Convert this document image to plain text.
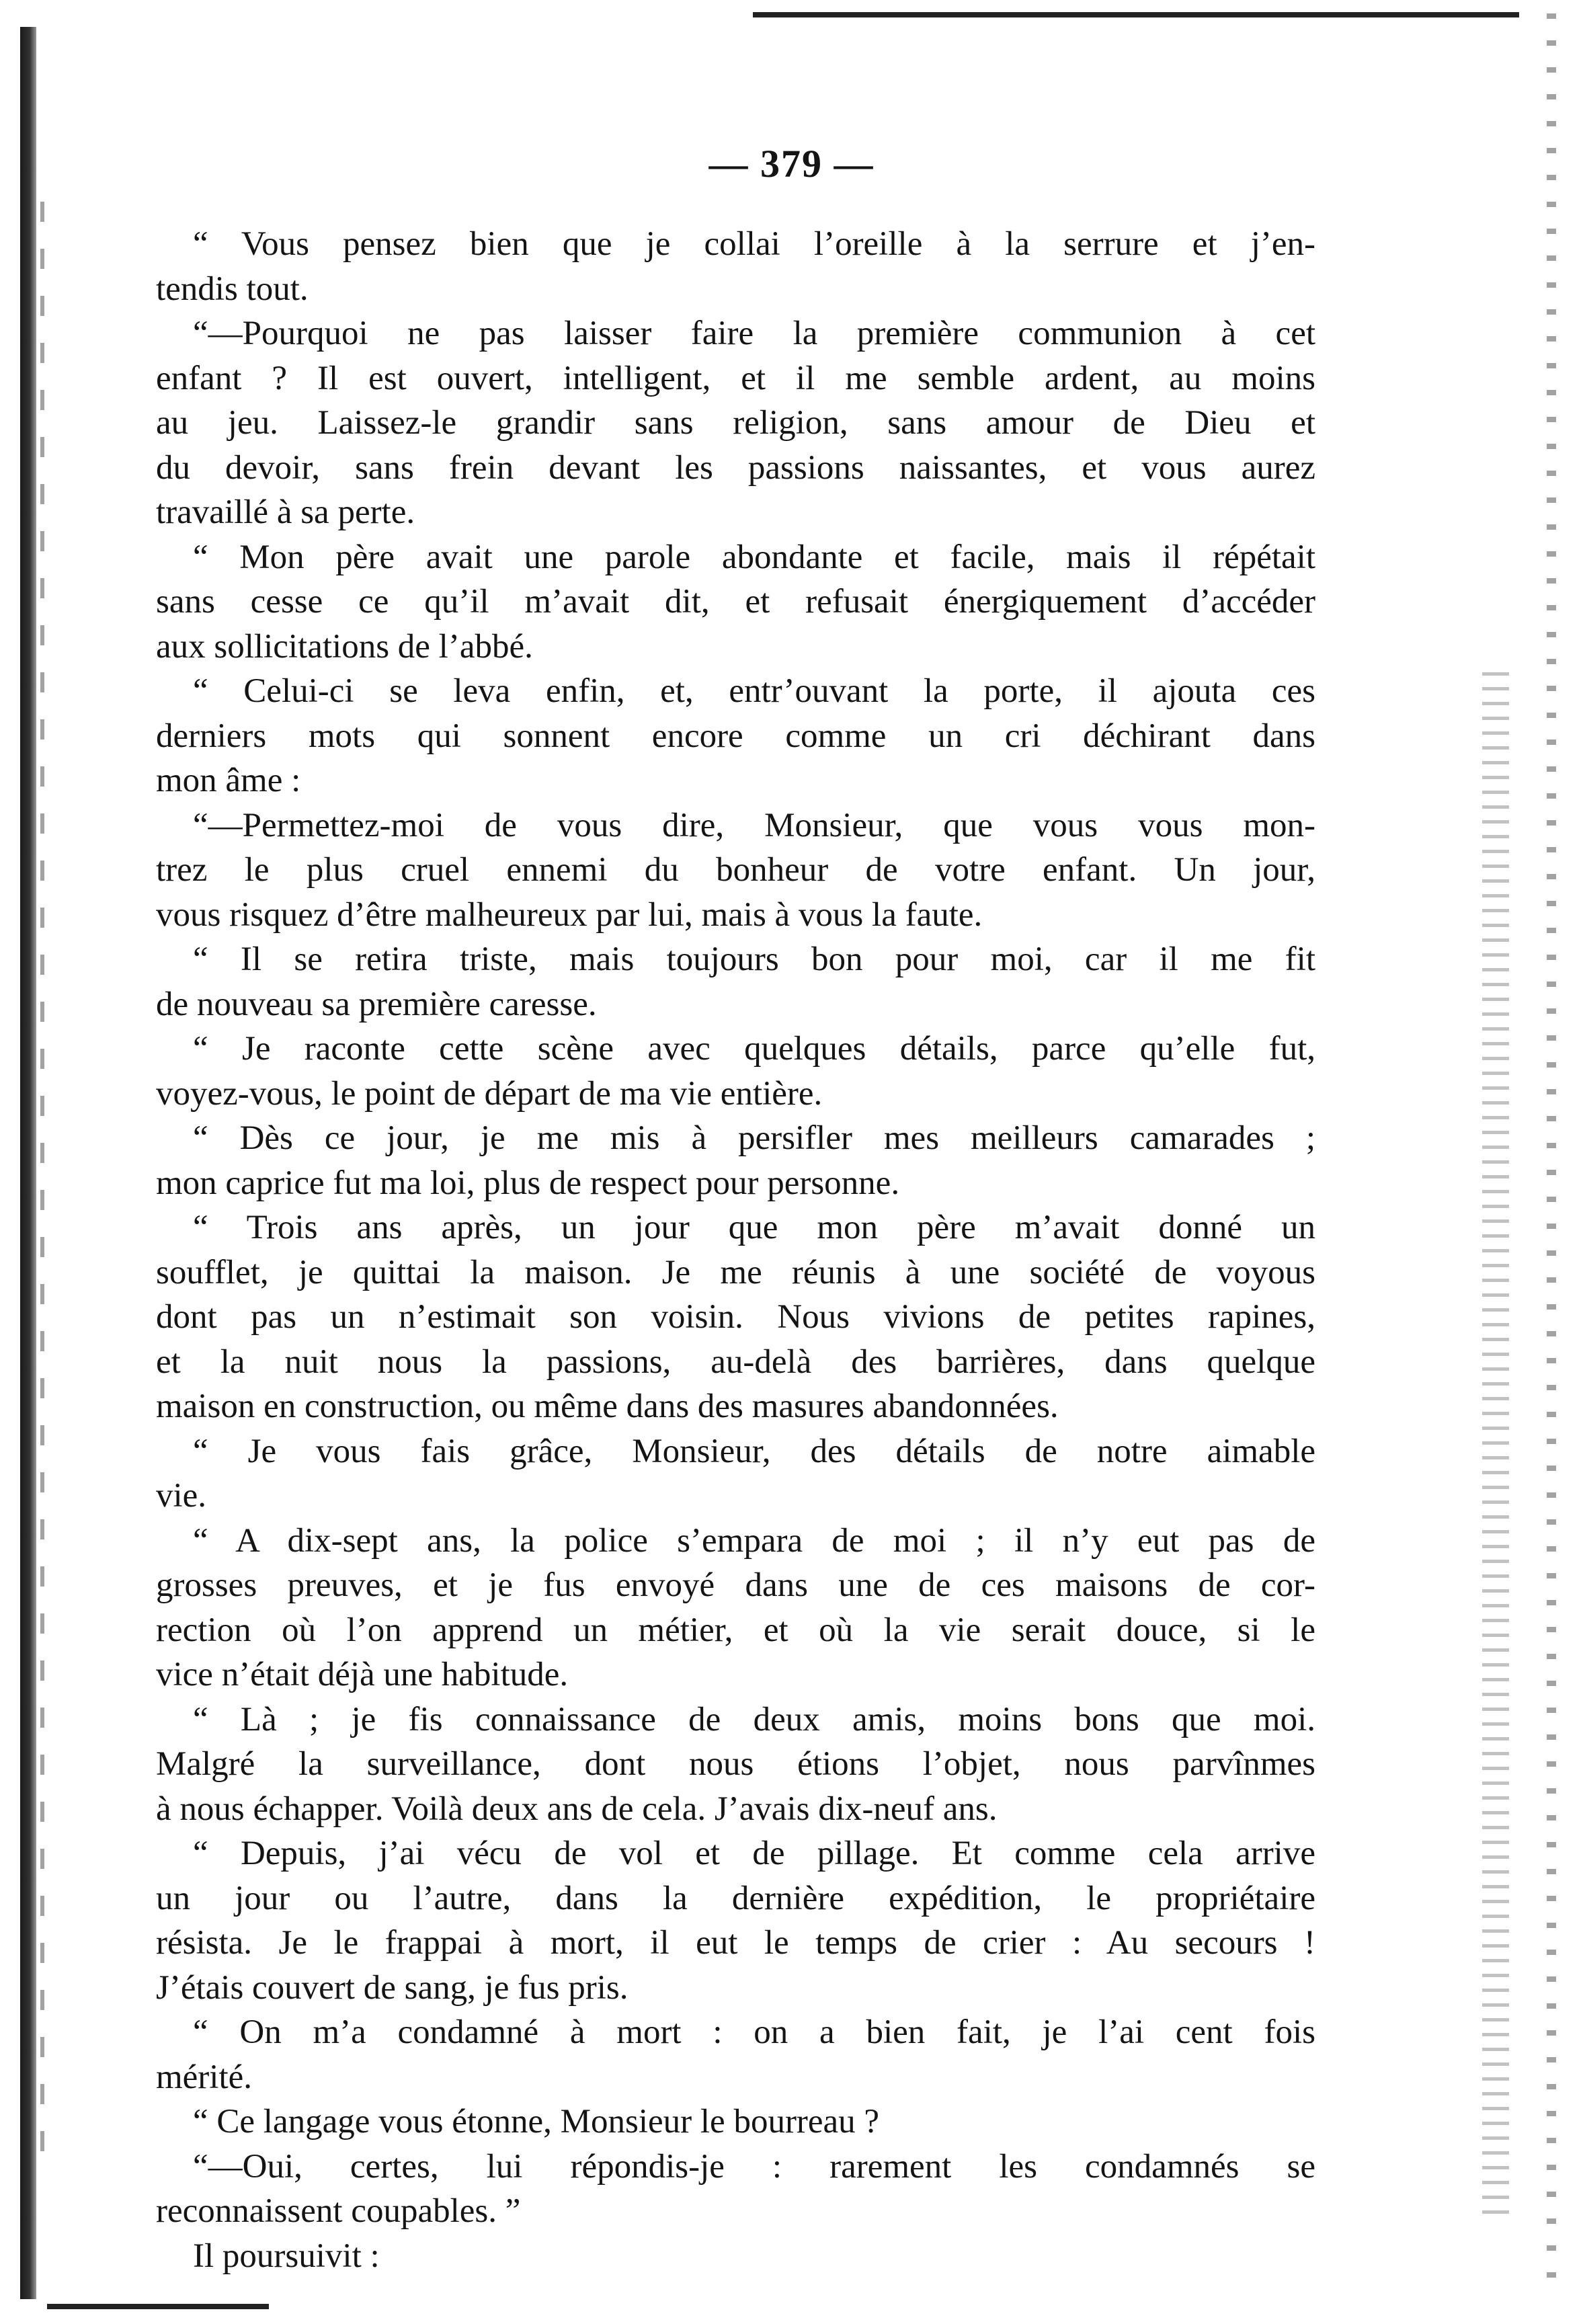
— 379 —
“ Vous pensez bien que je collai l’oreille à la serrure et j’en-
tendis tout.
“—Pourquoi ne pas laisser faire la première communion à cet
enfant ? Il est ouvert, intelligent, et il me semble ardent, au moins
au jeu. Laissez-le grandir sans religion, sans amour de Dieu et
du devoir, sans frein devant les passions naissantes, et vous aurez
travaillé à sa perte.
“ Mon père avait une parole abondante et facile, mais il répétait
sans cesse ce qu’il m’avait dit, et refusait énergiquement d’accéder
aux sollicitations de l’abbé.
“ Celui-ci se leva enfin, et, entr’ouvant la porte, il ajouta ces
derniers mots qui sonnent encore comme un cri déchirant dans
mon âme :
“—Permettez-moi de vous dire, Monsieur, que vous vous mon-
trez le plus cruel ennemi du bonheur de votre enfant. Un jour,
vous risquez d’être malheureux par lui, mais à vous la faute.
“ Il se retira triste, mais toujours bon pour moi, car il me fit
de nouveau sa première caresse.
“ Je raconte cette scène avec quelques détails, parce qu’elle fut,
voyez-vous, le point de départ de ma vie entière.
“ Dès ce jour, je me mis à persifler mes meilleurs camarades ;
mon caprice fut ma loi, plus de respect pour personne.
“ Trois ans après, un jour que mon père m’avait donné un
soufflet, je quittai la maison. Je me réunis à une société de voyous
dont pas un n’estimait son voisin. Nous vivions de petites rapines,
et la nuit nous la passions, au-delà des barrières, dans quelque
maison en construction, ou même dans des masures abandonnées.
“ Je vous fais grâce, Monsieur, des détails de notre aimable
vie.
“ A dix-sept ans, la police s’empara de moi ; il n’y eut pas de
grosses preuves, et je fus envoyé dans une de ces maisons de cor-
rection où l’on apprend un métier, et où la vie serait douce, si le
vice n’était déjà une habitude.
“ Là ; je fis connaissance de deux amis, moins bons que moi.
Malgré la surveillance, dont nous étions l’objet, nous parvînmes
à nous échapper. Voilà deux ans de cela. J’avais dix-neuf ans.
“ Depuis, j’ai vécu de vol et de pillage. Et comme cela arrive
un jour ou l’autre, dans la dernière expédition, le propriétaire
résista. Je le frappai à mort, il eut le temps de crier : Au secours !
J’étais couvert de sang, je fus pris.
“ On m’a condamné à mort : on a bien fait, je l’ai cent fois
mérité.
“ Ce langage vous étonne, Monsieur le bourreau ?
“—Oui, certes, lui répondis-je : rarement les condamnés se
reconnaissent coupables. ”
Il poursuivit :
